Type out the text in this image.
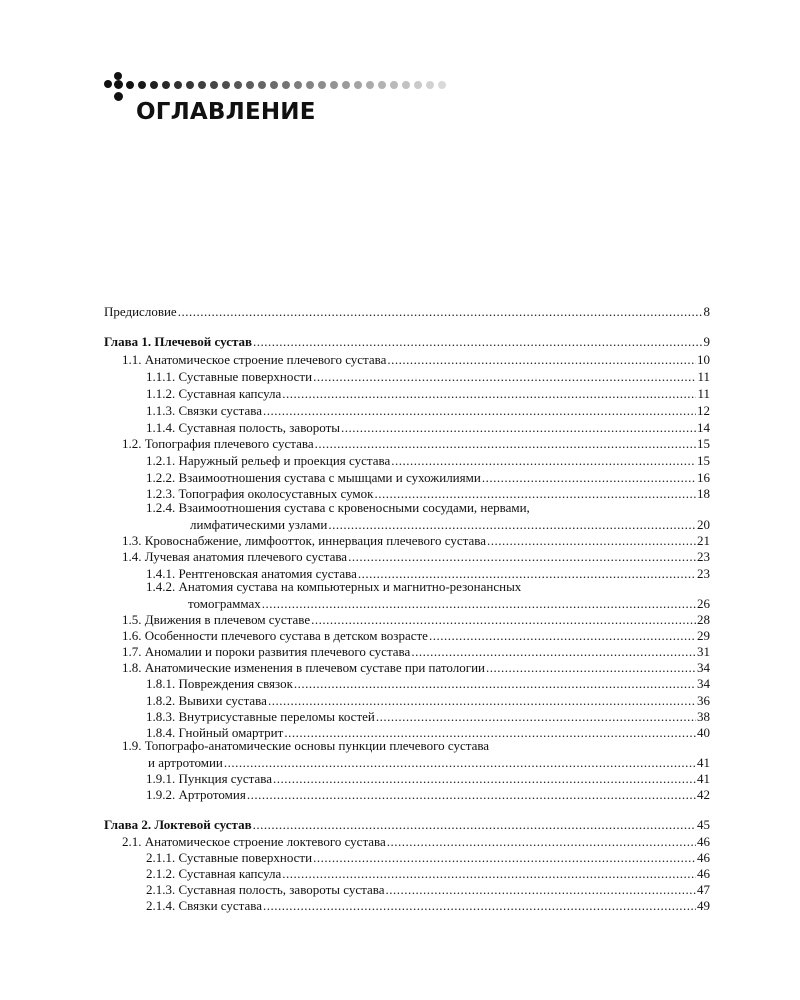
ОГЛАВЛЕНИЕ
Предисловие .....	8
Глава 1. Плечевой сустав .....	9
1.1. Анатомическое строение плечевого сустава .....	10
1.1.1. Суставные поверхности .....	11
1.1.2. Суставная капсула .....	11
1.1.3. Связки сустава .....	12
1.1.4. Суставная полость, завороты .....	14
1.2. Топография плечевого сустава .....	15
1.2.1. Наружный рельеф и проекция сустава .....	15
1.2.2. Взаимоотношения сустава с мышцами и сухожилиями .....	16
1.2.3. Топография околосуставных сумок .....	18
1.2.4. Взаимоотношения сустава с кровеносными сосудами, нервами,
лимфатическими узлами .....	20
1.3. Кровоснабжение, лимфоотток, иннервация плечевого сустава .....	21
1.4. Лучевая анатомия плечевого сустава .....	23
1.4.1. Рентгеновская анатомия сустава .....	23
1.4.2. Анатомия сустава на компьютерных и магнитно-резонансных
томограммах .....	26
1.5. Движения в плечевом суставе .....	28
1.6. Особенности плечевого сустава в детском возрасте .....	29
1.7. Аномалии и пороки развития плечевого сустава .....	31
1.8. Анатомические изменения в плечевом суставе при патологии .....	34
1.8.1. Повреждения связок .....	34
1.8.2. Вывихи сустава .....	36
1.8.3. Внутрисуставные переломы костей .....	38
1.8.4. Гнойный омартрит .....	40
1.9. Топографо-анатомические основы пункции плечевого сустава
и артротомии .....	41
1.9.1. Пункция сустава .....	41
1.9.2. Артротомия .....	42
Глава 2. Локтевой сустав .....	45
2.1. Анатомическое строение локтевого сустава .....	46
2.1.1. Суставные поверхности .....	46
2.1.2. Суставная капсула .....	46
2.1.3. Суставная полость, завороты сустава .....	47
2.1.4. Связки сустава .....	49
